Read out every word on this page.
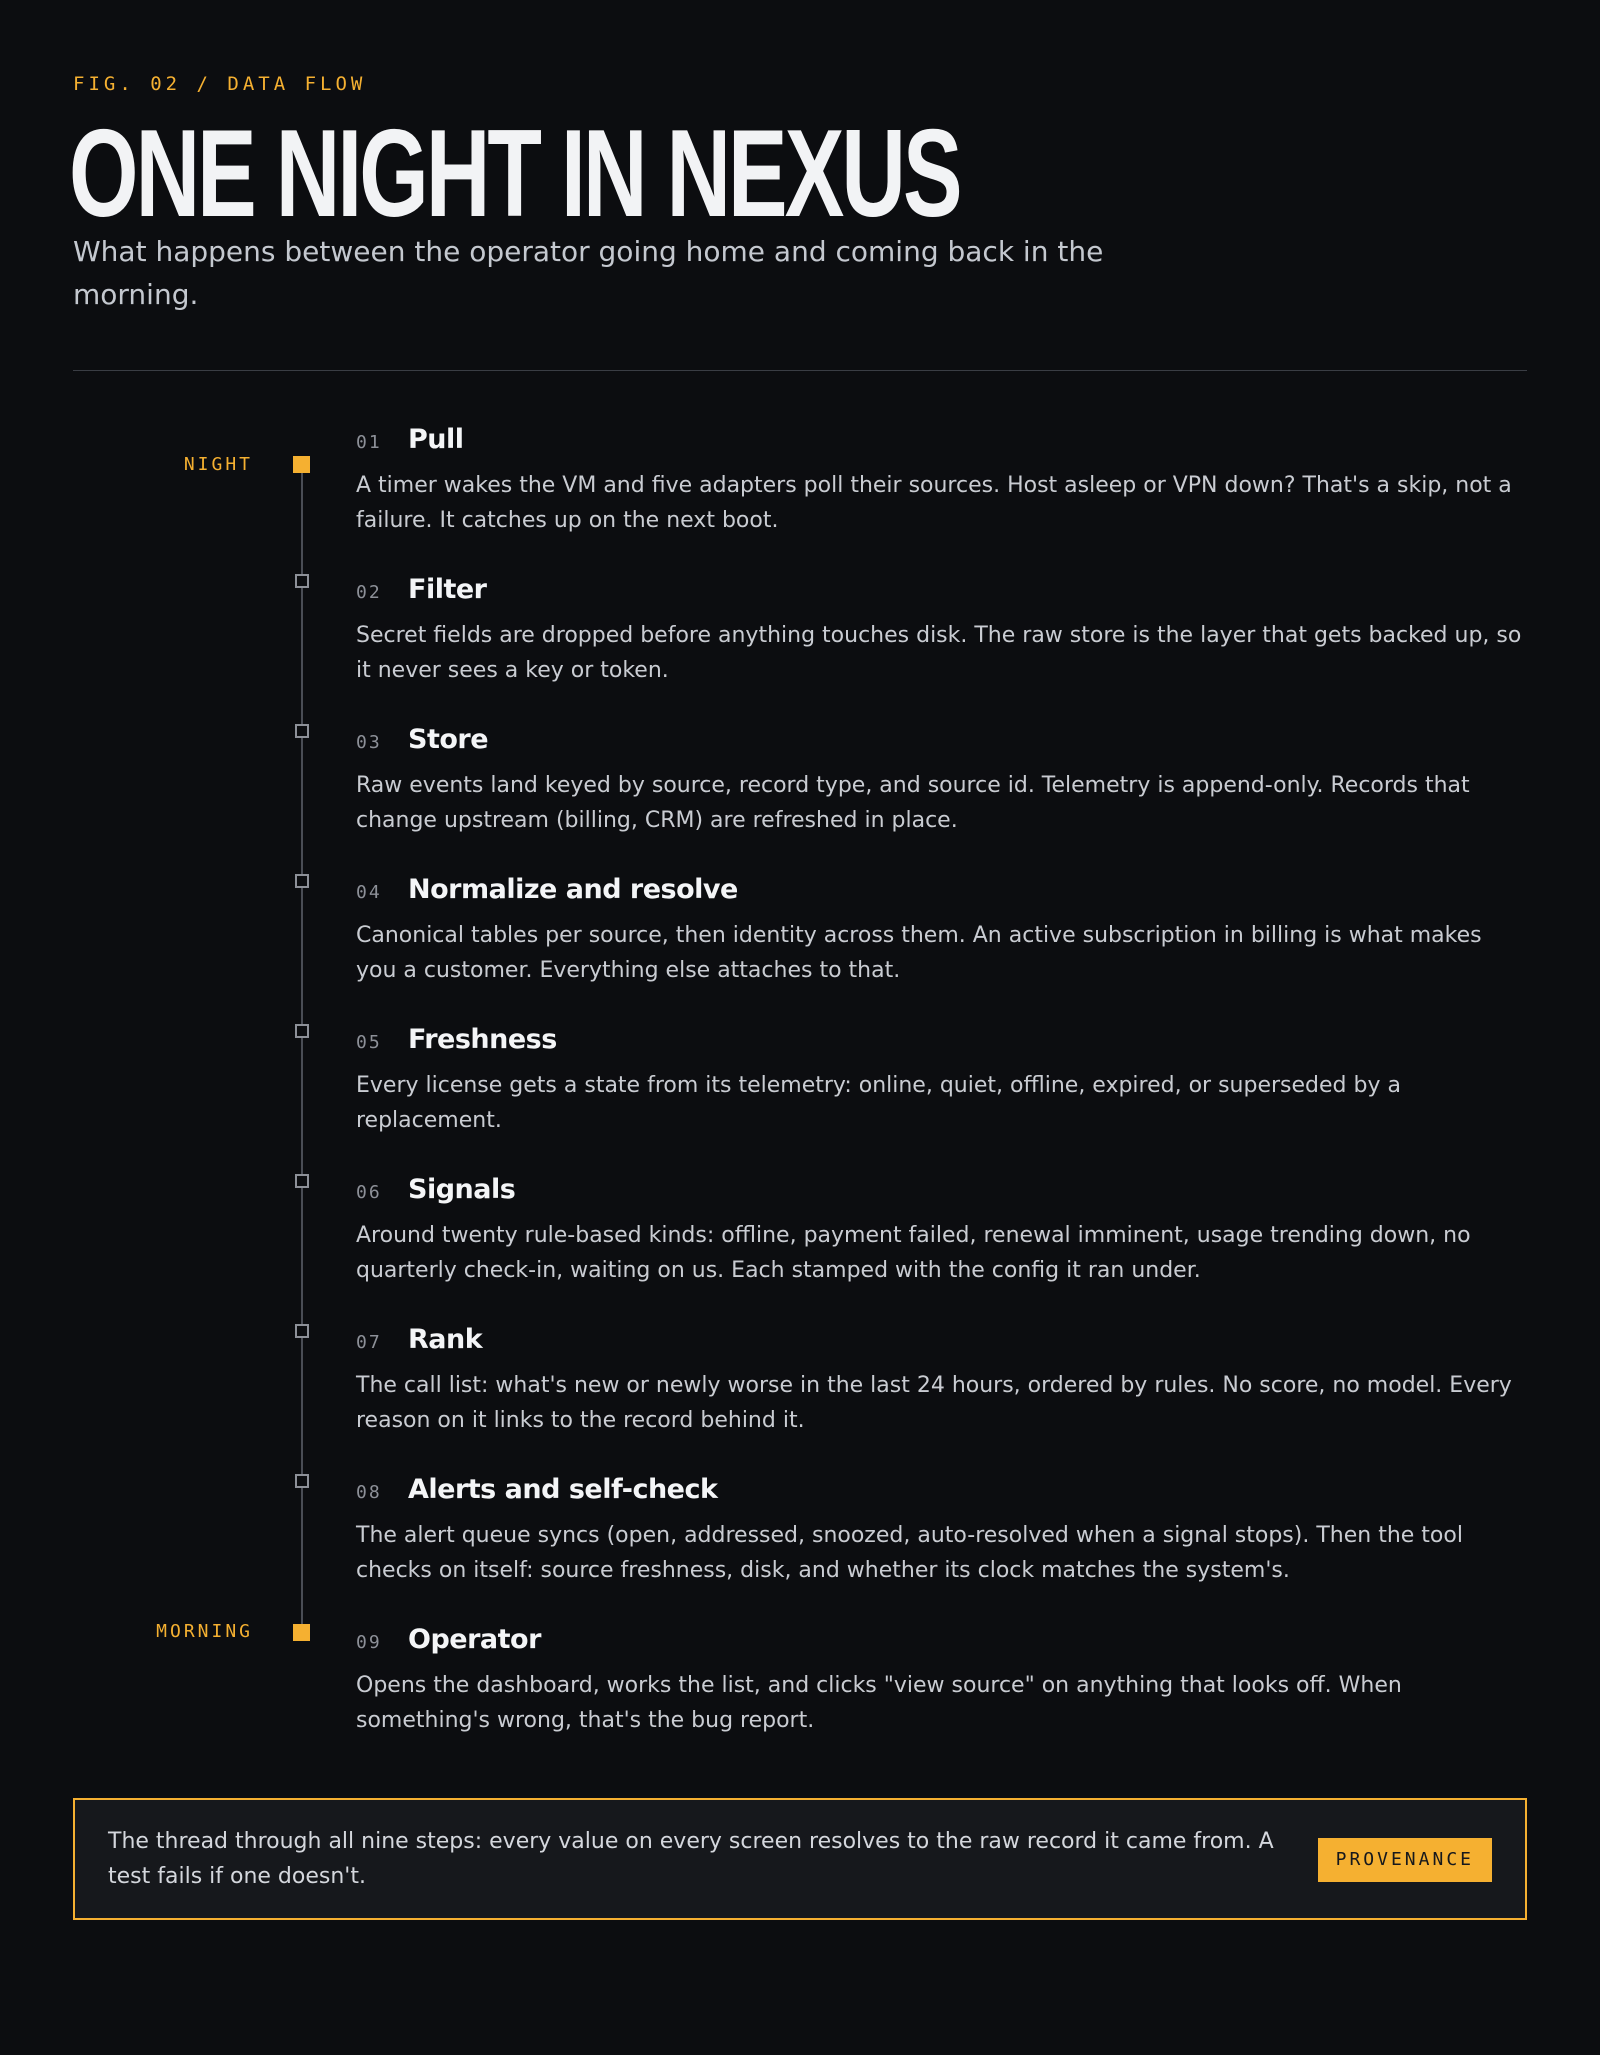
FIG. 02 / DATA FLOW
ONE NIGHT IN NEXUS
What happens between the operator going home and coming back in the morning.
NIGHT
MORNING
01 Pull
A timer wakes the VM and five adapters poll their sources. Host asleep or VPN down? That's a skip, not a failure. It catches up on the next boot.
02 Filter
Secret fields are dropped before anything touches disk. The raw store is the layer that gets backed up, so it never sees a key or token.
03 Store
Raw events land keyed by source, record type, and source id. Telemetry is append-only. Records that change upstream (billing, CRM) are refreshed in place.
04 Normalize and resolve
Canonical tables per source, then identity across them. An active subscription in billing is what makes you a customer. Everything else attaches to that.
05 Freshness
Every license gets a state from its telemetry: online, quiet, offline, expired, or superseded by a replacement.
06 Signals
Around twenty rule-based kinds: offline, payment failed, renewal imminent, usage trending down, no quarterly check-in, waiting on us. Each stamped with the config it ran under.
07 Rank
The call list: what's new or newly worse in the last 24 hours, ordered by rules. No score, no model. Every reason on it links to the record behind it.
08 Alerts and self-check
The alert queue syncs (open, addressed, snoozed, auto-resolved when a signal stops). Then the tool checks on itself: source freshness, disk, and whether its clock matches the system's.
09 Operator
Opens the dashboard, works the list, and clicks "view source" on anything that looks off. When something's wrong, that's the bug report.
The thread through all nine steps: every value on every screen resolves to the raw record it came from. A test fails if one doesn't.
PROVENANCE
